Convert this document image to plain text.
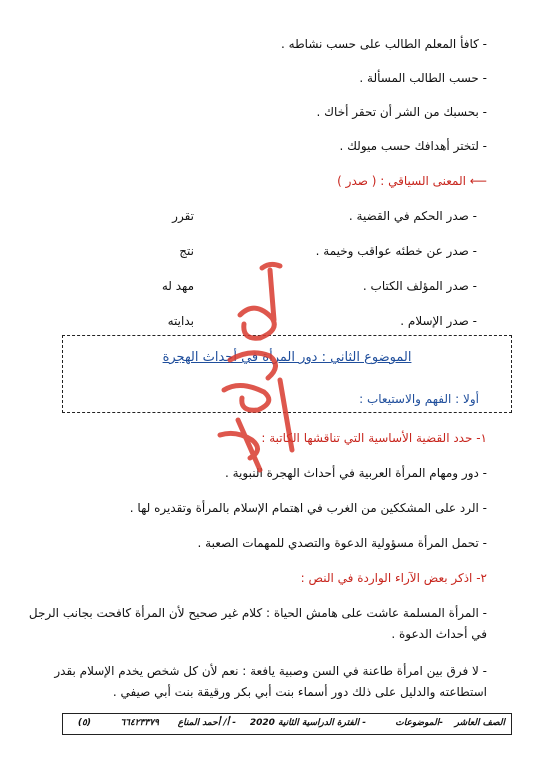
- كافأ المعلم الطالب على حسب نشاطه .
- حسب الطالب المسألة .
- بحسبك من الشر أن تحقر أخاك .
- لتختر أهدافك حسب ميولك .
⟵ المعنى السياقي : ( صدر )
- صدر الحكم في القضية .
تقرر
- صدر عن خطئه عواقب وخيمة .
نتج
- صدر المؤلف الكتاب .
مهد له
- صدر الإسلام .
بدايته
الموضوع الثاني : دور المرأة في أحداث الهجرة
أولا : الفهم والاستيعاب :
١- حدد القضية الأساسية التي تناقشها الكاتبة :
- دور ومهام المرأة العربية في أحداث الهجرة النبوية .
- الرد على المشككين من الغرب في اهتمام الإسلام بالمرأة وتقديره لها .
- تحمل المرأة مسؤولية الدعوة والتصدي للمهمات الصعبة .
٢- اذكر بعض الآراء الواردة في النص :
- المرأة المسلمة عاشت على هامش الحياة : كلام غير صحيح لأن المرأة كافحت بجانب الرجل
في أحداث الدعوة .
- لا فرق بين امرأة طاعنة في السن وصبية يافعة : نعم لأن كل شخص يخدم الإسلام بقدر
استطاعته والدليل على ذلك دور أسماء بنت أبي بكر ورقيقة بنت أبي صيفي .
الصف العاشر
-الموضوعات
- الفترة الدراسية الثانية 2020
- أ/ أحمد المناع
٦٦٤٢٣٣٧٩
(٥)
